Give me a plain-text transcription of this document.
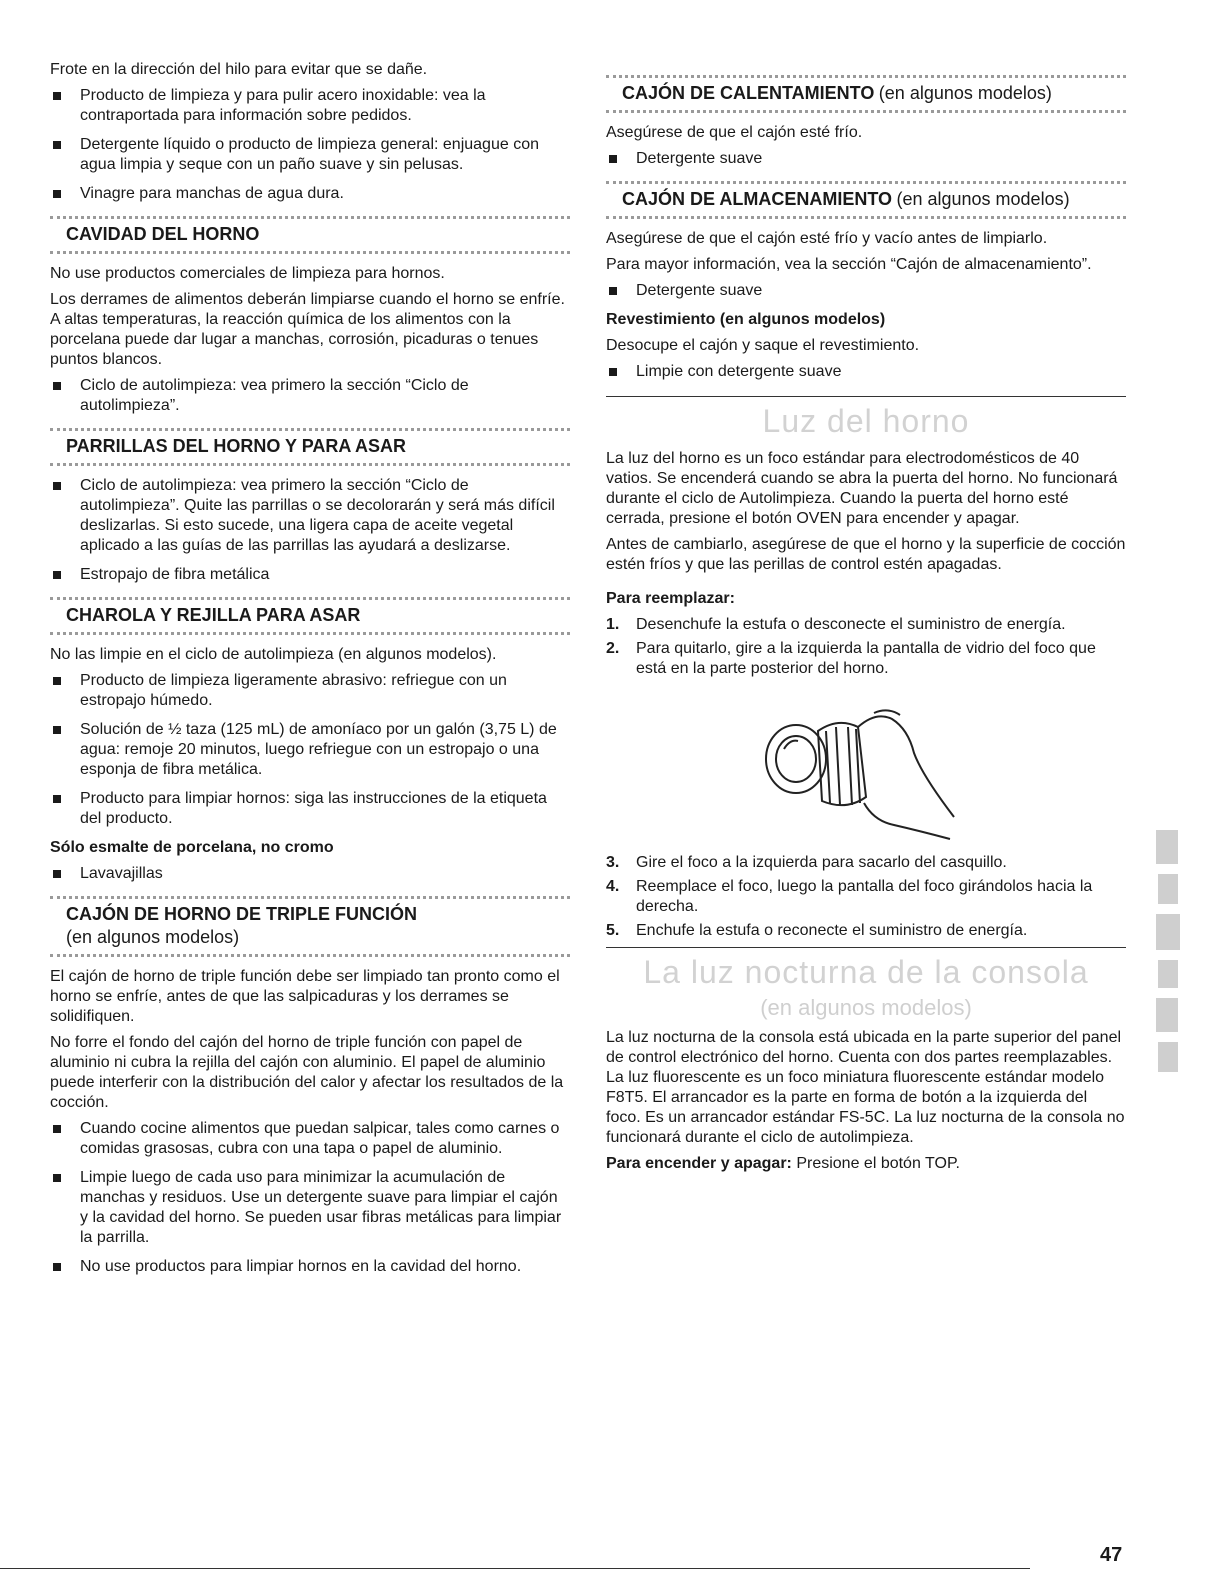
Frote en la dirección del hilo para evitar que se dañe.

Producto de limpieza y para pulir acero inoxidable: vea la contraportada para información sobre pedidos.
Detergente líquido o producto de limpieza general: enjuague con agua limpia y seque con un paño suave y sin pelusas.
Vinagre para manchas de agua dura.
CAVIDAD DEL HORNO

No use productos comerciales de limpieza para hornos.

Los derrames de alimentos deberán limpiarse cuando el horno se enfríe. A altas temperaturas, la reacción química de los alimentos con la porcelana puede dar lugar a manchas, corrosión, picaduras o tenues puntos blancos.

Ciclo de autolimpieza: vea primero la sección “Ciclo de autolimpieza”.
PARRILLAS DEL HORNO Y PARA ASAR
Ciclo de autolimpieza: vea primero la sección “Ciclo de autolimpieza”. Quite las parrillas o se decolorarán y será más difícil deslizarlas. Si esto sucede, una ligera capa de aceite vegetal aplicado a las guías de las parrillas las ayudará a deslizarse.
Estropajo de fibra metálica
CHAROLA Y REJILLA PARA ASAR

No las limpie en el ciclo de autolimpieza (en algunos modelos).

Producto de limpieza ligeramente abrasivo: refriegue con un estropajo húmedo.
Solución de ½ taza (125 mL) de amoníaco por un galón (3,75 L) de agua: remoje 20 minutos, luego refriegue con un estropajo o una esponja de fibra metálica.
Producto para limpiar hornos: siga las instrucciones de la etiqueta del producto.
Sólo esmalte de porcelana, no cromo
Lavavajillas
CAJÓN DE HORNO DE TRIPLE FUNCIÓN
(en algunos modelos)

El cajón de horno de triple función debe ser limpiado tan pronto como el horno se enfríe, antes de que las salpicaduras y los derrames se solidifiquen.

No forre el fondo del cajón del horno de triple función con papel de aluminio ni cubra la rejilla del cajón con aluminio. El papel de aluminio puede interferir con la distribución del calor y afectar los resultados de la cocción.

Cuando cocine alimentos que puedan salpicar, tales como carnes o comidas grasosas, cubra con una tapa o papel de aluminio.
Limpie luego de cada uso para minimizar la acumulación de manchas y residuos. Use un detergente suave para limpiar el cajón y la cavidad del horno. Se pueden usar fibras metálicas para limpiar la parrilla.
No use productos para limpiar hornos en la cavidad del horno.
CAJÓN DE CALENTAMIENTO (en algunos modelos)

Asegúrese de que el cajón esté frío.

Detergente suave
CAJÓN DE ALMACENAMIENTO (en algunos modelos)

Asegúrese de que el cajón esté frío y vacío antes de limpiarlo.

Para mayor información, vea la sección “Cajón de almacenamiento”.

Detergente suave
Revestimiento (en algunos modelos)

Desocupe el cajón y saque el revestimiento.

Limpie con detergente suave
Luz del horno

La luz del horno es un foco estándar para electrodomésticos de 40 vatios. Se encenderá cuando se abra la puerta del horno. No funcionará durante el ciclo de Autolimpieza. Cuando la puerta del horno esté cerrada, presione el botón OVEN para encender y apagar.

Antes de cambiarlo, asegúrese de que el horno y la superficie de cocción estén fríos y que las perillas de control estén apagadas.

Para reemplazar:
1. Desenchufe la estufa o desconecte el suministro de energía.
2. Para quitarlo, gire a la izquierda la pantalla de vidrio del foco que está en la parte posterior del horno.
3. Gire el foco a la izquierda para sacarlo del casquillo.
4. Reemplace el foco, luego la pantalla del foco girándolos hacia la derecha.
5. Enchufe la estufa o reconecte el suministro de energía.
La luz nocturna de la consola
(en algunos modelos)

La luz nocturna de la consola está ubicada en la parte superior del panel de control electrónico del horno. Cuenta con dos partes reemplazables. La luz fluorescente es un foco miniatura fluorescente estándar modelo F8T5. El arrancador es la parte en forma de botón a la izquierda del foco. Es un arrancador estándar FS-5C. La luz nocturna de la consola no funcionará durante el ciclo de autolimpieza.

Para encender y apagar: Presione el botón TOP.

47
